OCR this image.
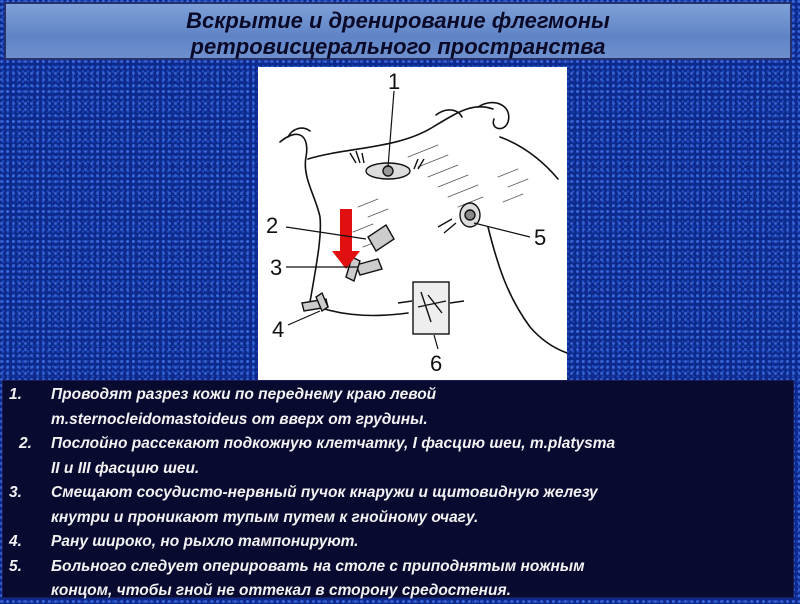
Вскрытие и дренирование флегмоны
ретровисцерального пространства
1
2
3
4
5
6
1. Проводят разрез кожи по переднему краю левой
m.sternocleidomastoideus от вверх от грудины.
2. Послойно рассекают подкожную клетчатку, I фасцию шеи, m.platysma
II и III фасцию шеи.
3. Смещают сосудисто-нервный пучок кнаружи и щитовидную железу
кнутри и проникают тупым путем к гнойному очагу.
4. Рану широко, но рыхло тампонируют.
5. Больного следует оперировать на столе с приподнятым ножным
концом, чтобы гной не оттекал в сторону средостения.
